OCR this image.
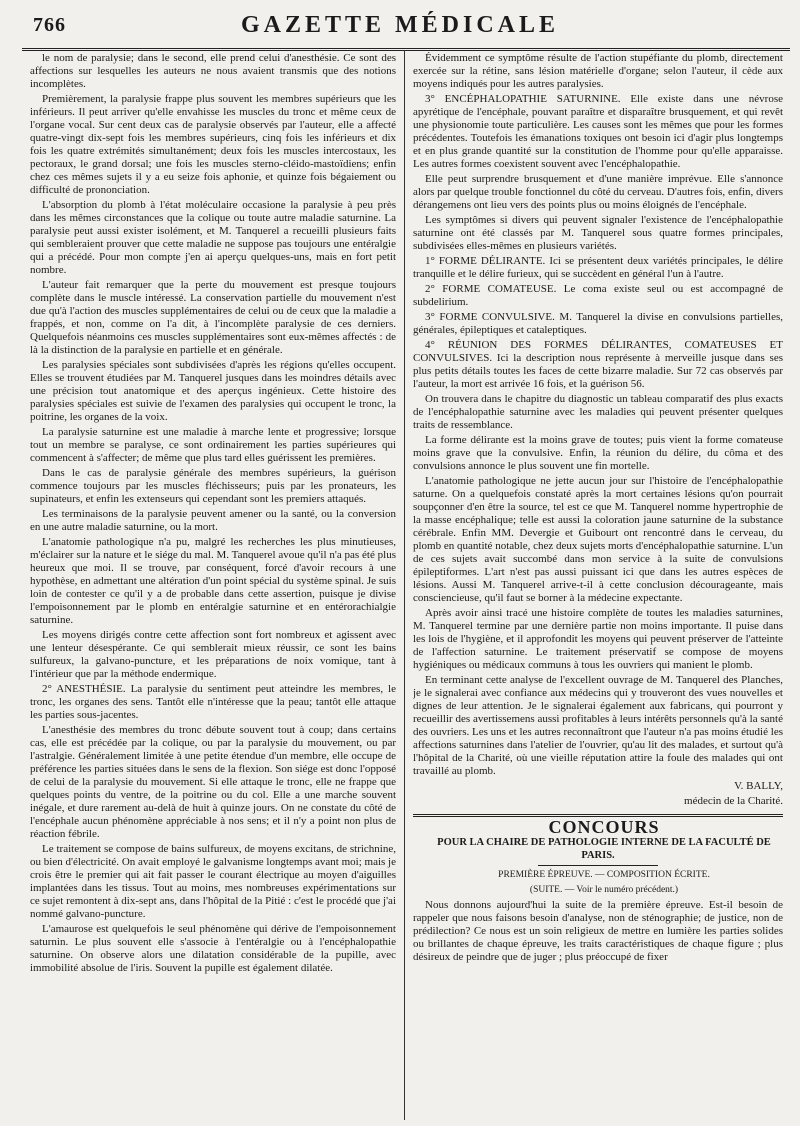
766	GAZETTE MÉDICALE

le nom de paralysie; dans le second, elle prend celui d'anesthésie. Ce sont des affections sur lesquelles les auteurs ne nous avaient transmis que des notions incomplètes.

Premièrement, la paralysie frappe plus souvent les membres supérieurs que les inférieurs. Il peut arriver qu'elle envahisse les muscles du tronc et même ceux de l'organe vocal. Sur cent deux cas de paralysie observés par l'auteur, elle a affecté quatre-vingt dix-sept fois les membres supérieurs, cinq fois les inférieurs et dix fois les quatre extrémités simultanément; deux fois les muscles intercostaux, les pectoraux, le grand dorsal; une fois les muscles sterno-cléido-mastoïdiens; enfin chez ces mêmes sujets il y a eu seize fois aphonie, et quinze fois bégaiement ou difficulté de prononciation.

L'absorption du plomb à l'état moléculaire occasione la paralysie à peu près dans les mêmes circonstances que la colique ou toute autre maladie saturnine. La paralysie peut aussi exister isolément, et M. Tanquerel a recueilli plusieurs faits qui sembleraient prouver que cette maladie ne suppose pas toujours une entéralgie qui a précédé. Pour mon compte j'en ai aperçu quelques-uns, mais en fort petit nombre.

L'auteur fait remarquer que la perte du mouvement est presque toujours complète dans le muscle intéressé. La conservation partielle du mouvement n'est due qu'à l'action des muscles supplémentaires de celui ou de ceux que la maladie a frappés, et non, comme on l'a dit, à l'incomplète paralysie de ces derniers. Quelquefois néanmoins ces muscles supplémentaires sont eux-mêmes affectés : de là la distinction de la paralysie en partielle et en générale.

Les paralysies spéciales sont subdivisées d'après les régions qu'elles occupent. Elles se trouvent étudiées par M. Tanquerel jusques dans les moindres détails avec une précision tout anatomique et des aperçus ingénieux. Cette histoire des paralysies spéciales est suivie de l'examen des paralysies qui occupent le tronc, la poitrine, les organes de la voix.

La paralysie saturnine est une maladie à marche lente et progressive; lorsque tout un membre se paralyse, ce sont ordinairement les parties supérieures qui commencent à s'affecter; de même que plus tard elles guérissent les premières.

Dans le cas de paralysie générale des membres supérieurs, la guérison commence toujours par les muscles fléchisseurs; puis par les pronateurs, les supinateurs, et enfin les extenseurs qui cependant sont les premiers attaqués.

Les terminaisons de la paralysie peuvent amener ou la santé, ou la conversion en une autre maladie saturnine, ou la mort.

L'anatomie pathologique n'a pu, malgré les recherches les plus minutieuses, m'éclairer sur la nature et le siége du mal. M. Tanquerel avoue qu'il n'a pas été plus heureux que moi. Il se trouve, par conséquent, forcé d'avoir recours à une hypothèse, en admettant une altération d'un point spécial du système spinal. Je suis loin de contester ce qu'il y a de probable dans cette assertion, puisque je divise l'empoisonnement par le plomb en entéralgie saturnine et en entérorachialgie saturnine.

Les moyens dirigés contre cette affection sont fort nombreux et agissent avec une lenteur désespérante. Ce qui semblerait mieux réussir, ce sont les bains sulfureux, la galvano-puncture, et les préparations de noix vomique, tant à l'intérieur que par la méthode endermique.

2° ANESTHÉSIE. La paralysie du sentiment peut atteindre les membres, le tronc, les organes des sens. Tantôt elle n'intéresse que la peau; tantôt elle attaque les parties sous-jacentes.

L'anesthésie des membres du tronc débute souvent tout à coup; dans certains cas, elle est précédée par la colique, ou par la paralysie du mouvement, ou par l'astralgie. Généralement limitée à une petite étendue d'un membre, elle occupe de préférence les parties situées dans le sens de la flexion. Son siége est donc l'opposé de celui de la paralysie du mouvement. Si elle attaque le tronc, elle ne frappe que quelques points du ventre, de la poitrine ou du col. Elle a une marche souvent inégale, et dure rarement au-delà de huit à quinze jours. On ne constate du côté de l'encéphale aucun phénomène appréciable à nos sens; et il n'y a point non plus de réaction fébrile.

Le traitement se compose de bains sulfureux, de moyens excitans, de strichnine, ou bien d'électricité. On avait employé le galvanisme longtemps avant moi; mais je crois être le premier qui ait fait passer le courant électrique au moyen d'aiguilles implantées dans les tissus. Tout au moins, mes nombreuses expérimentations sur ce sujet remontent à dix-sept ans, dans l'hôpital de la Pitié : c'est le procédé que j'ai nommé galvano-puncture.

L'amaurose est quelquefois le seul phénomène qui dérive de l'empoisonnement saturnin. Le plus souvent elle s'associe à l'entéralgie ou à l'encéphalopathie saturnine. On observe alors une dilatation considérable de la pupille, avec immobilité absolue de l'iris. Souvent la pupille est également dilatée.

Évidemment ce symptôme résulte de l'action stupéfiante du plomb, directement exercée sur la rétine, sans lésion matérielle d'organe; selon l'auteur, il cède aux moyens indiqués pour les autres paralysies.

3° ENCÉPHALOPATHIE SATURNINE. Elle existe dans une névrose apyrétique de l'encéphale, pouvant paraître et disparaître brusquement, et qui revêt une physionomie toute particulière. Les causes sont les mêmes que pour les formes précédentes. Toutefois les émanations toxiques ont besoin ici d'agir plus longtemps et en plus grande quantité sur la constitution de l'homme pour qu'elle apparaisse. Les autres formes coexistent souvent avec l'encéphalopathie.

Elle peut surprendre brusquement et d'une manière imprévue. Elle s'annonce alors par quelque trouble fonctionnel du côté du cerveau. D'autres fois, enfin, divers dérangemens ont lieu vers des points plus ou moins éloignés de l'encéphale.

Les symptômes si divers qui peuvent signaler l'existence de l'encéphalopathie saturnine ont été classés par M. Tanquerel sous quatre formes principales, subdivisées elles-mêmes en plusieurs variétés.

1° FORME DÉLIRANTE. Ici se présentent deux variétés principales, le délire tranquille et le délire furieux, qui se succèdent en général l'un à l'autre.

2° FORME COMATEUSE. Le coma existe seul ou est accompagné de subdelirium.

3° FORME CONVULSIVE. M. Tanquerel la divise en convulsions partielles, générales, épileptiques et cataleptiques.

4° RÉUNION DES FORMES DÉLIRANTES, COMATEUSES ET CONVULSIVES. Ici la description nous représente à merveille jusque dans ses plus petits détails toutes les faces de cette bizarre maladie. Sur 72 cas observés par l'auteur, la mort est arrivée 16 fois, et la guérison 56.

On trouvera dans le chapitre du diagnostic un tableau comparatif des plus exacts de l'encéphalopathie saturnine avec les maladies qui peuvent présenter quelques traits de ressemblance.

La forme délirante est la moins grave de toutes; puis vient la forme comateuse moins grave que la convulsive. Enfin, la réunion du délire, du côma et des convulsions annonce le plus souvent une fin mortelle.

L'anatomie pathologique ne jette aucun jour sur l'histoire de l'encéphalopathie saturne. On a quelquefois constaté après la mort certaines lésions qu'on pourrait soupçonner d'en être la source, tel est ce que M. Tanquerel nomme hypertrophie de la masse encéphalique; telle est aussi la coloration jaune saturnine de la substance cérébrale. Enfin MM. Devergie et Guibourt ont rencontré dans le cerveau, du plomb en quantité notable, chez deux sujets morts d'encéphalopathie saturnine. L'un de ces sujets avait succombé dans mon service à la suite de convulsions épileptiformes. L'art n'est pas aussi puissant ici que dans les autres espèces de lésions. Aussi M. Tanquerel arrive-t-il à cette conclusion décourageante, mais consciencieuse, qu'il faut se borner à la médecine expectante.

Après avoir ainsi tracé une histoire complète de toutes les maladies saturnines, M. Tanquerel termine par une dernière partie non moins importante. Il puise dans les lois de l'hygiène, et il approfondit les moyens qui peuvent préserver de l'atteinte de l'affection saturnine. Le traitement préservatif se compose de moyens hygiéniques ou médicaux communs à tous les ouvriers qui manient le plomb.

En terminant cette analyse de l'excellent ouvrage de M. Tanquerel des Planches, je le signalerai avec confiance aux médecins qui y trouveront des vues nouvelles et dignes de leur attention. Je le signalerai également aux fabricans, qui pourront y recueillir des avertissemens aussi profitables à leurs intérêts personnels qu'à la santé des ouvriers. Les uns et les autres reconnaîtront que l'auteur n'a pas moins étudié les affections saturnines dans l'atelier de l'ouvrier, qu'au lit des malades, et surtout qu'à l'hôpital de la Charité, où une vieille réputation attire la foule des malades qui ont travaillé au plomb.

V. BALLY,

médecin de la Charité.

CONCOURS

POUR LA CHAIRE DE PATHOLOGIE INTERNE DE LA FACULTÉ DE PARIS.

PREMIÈRE ÉPREUVE. — COMPOSITION ÉCRITE.

(SUITE. — Voir le numéro précédent.)

Nous donnons aujourd'hui la suite de la première épreuve. Est-il besoin de rappeler que nous faisons besoin d'analyse, non de sténographie; de justice, non de prédilection? Ce nous est un soin religieux de mettre en lumière les parties solides ou brillantes de chaque épreuve, les traits caractéristiques de chaque figure ; plus désireux de peindre que de juger ; plus préoccupé de fixer
